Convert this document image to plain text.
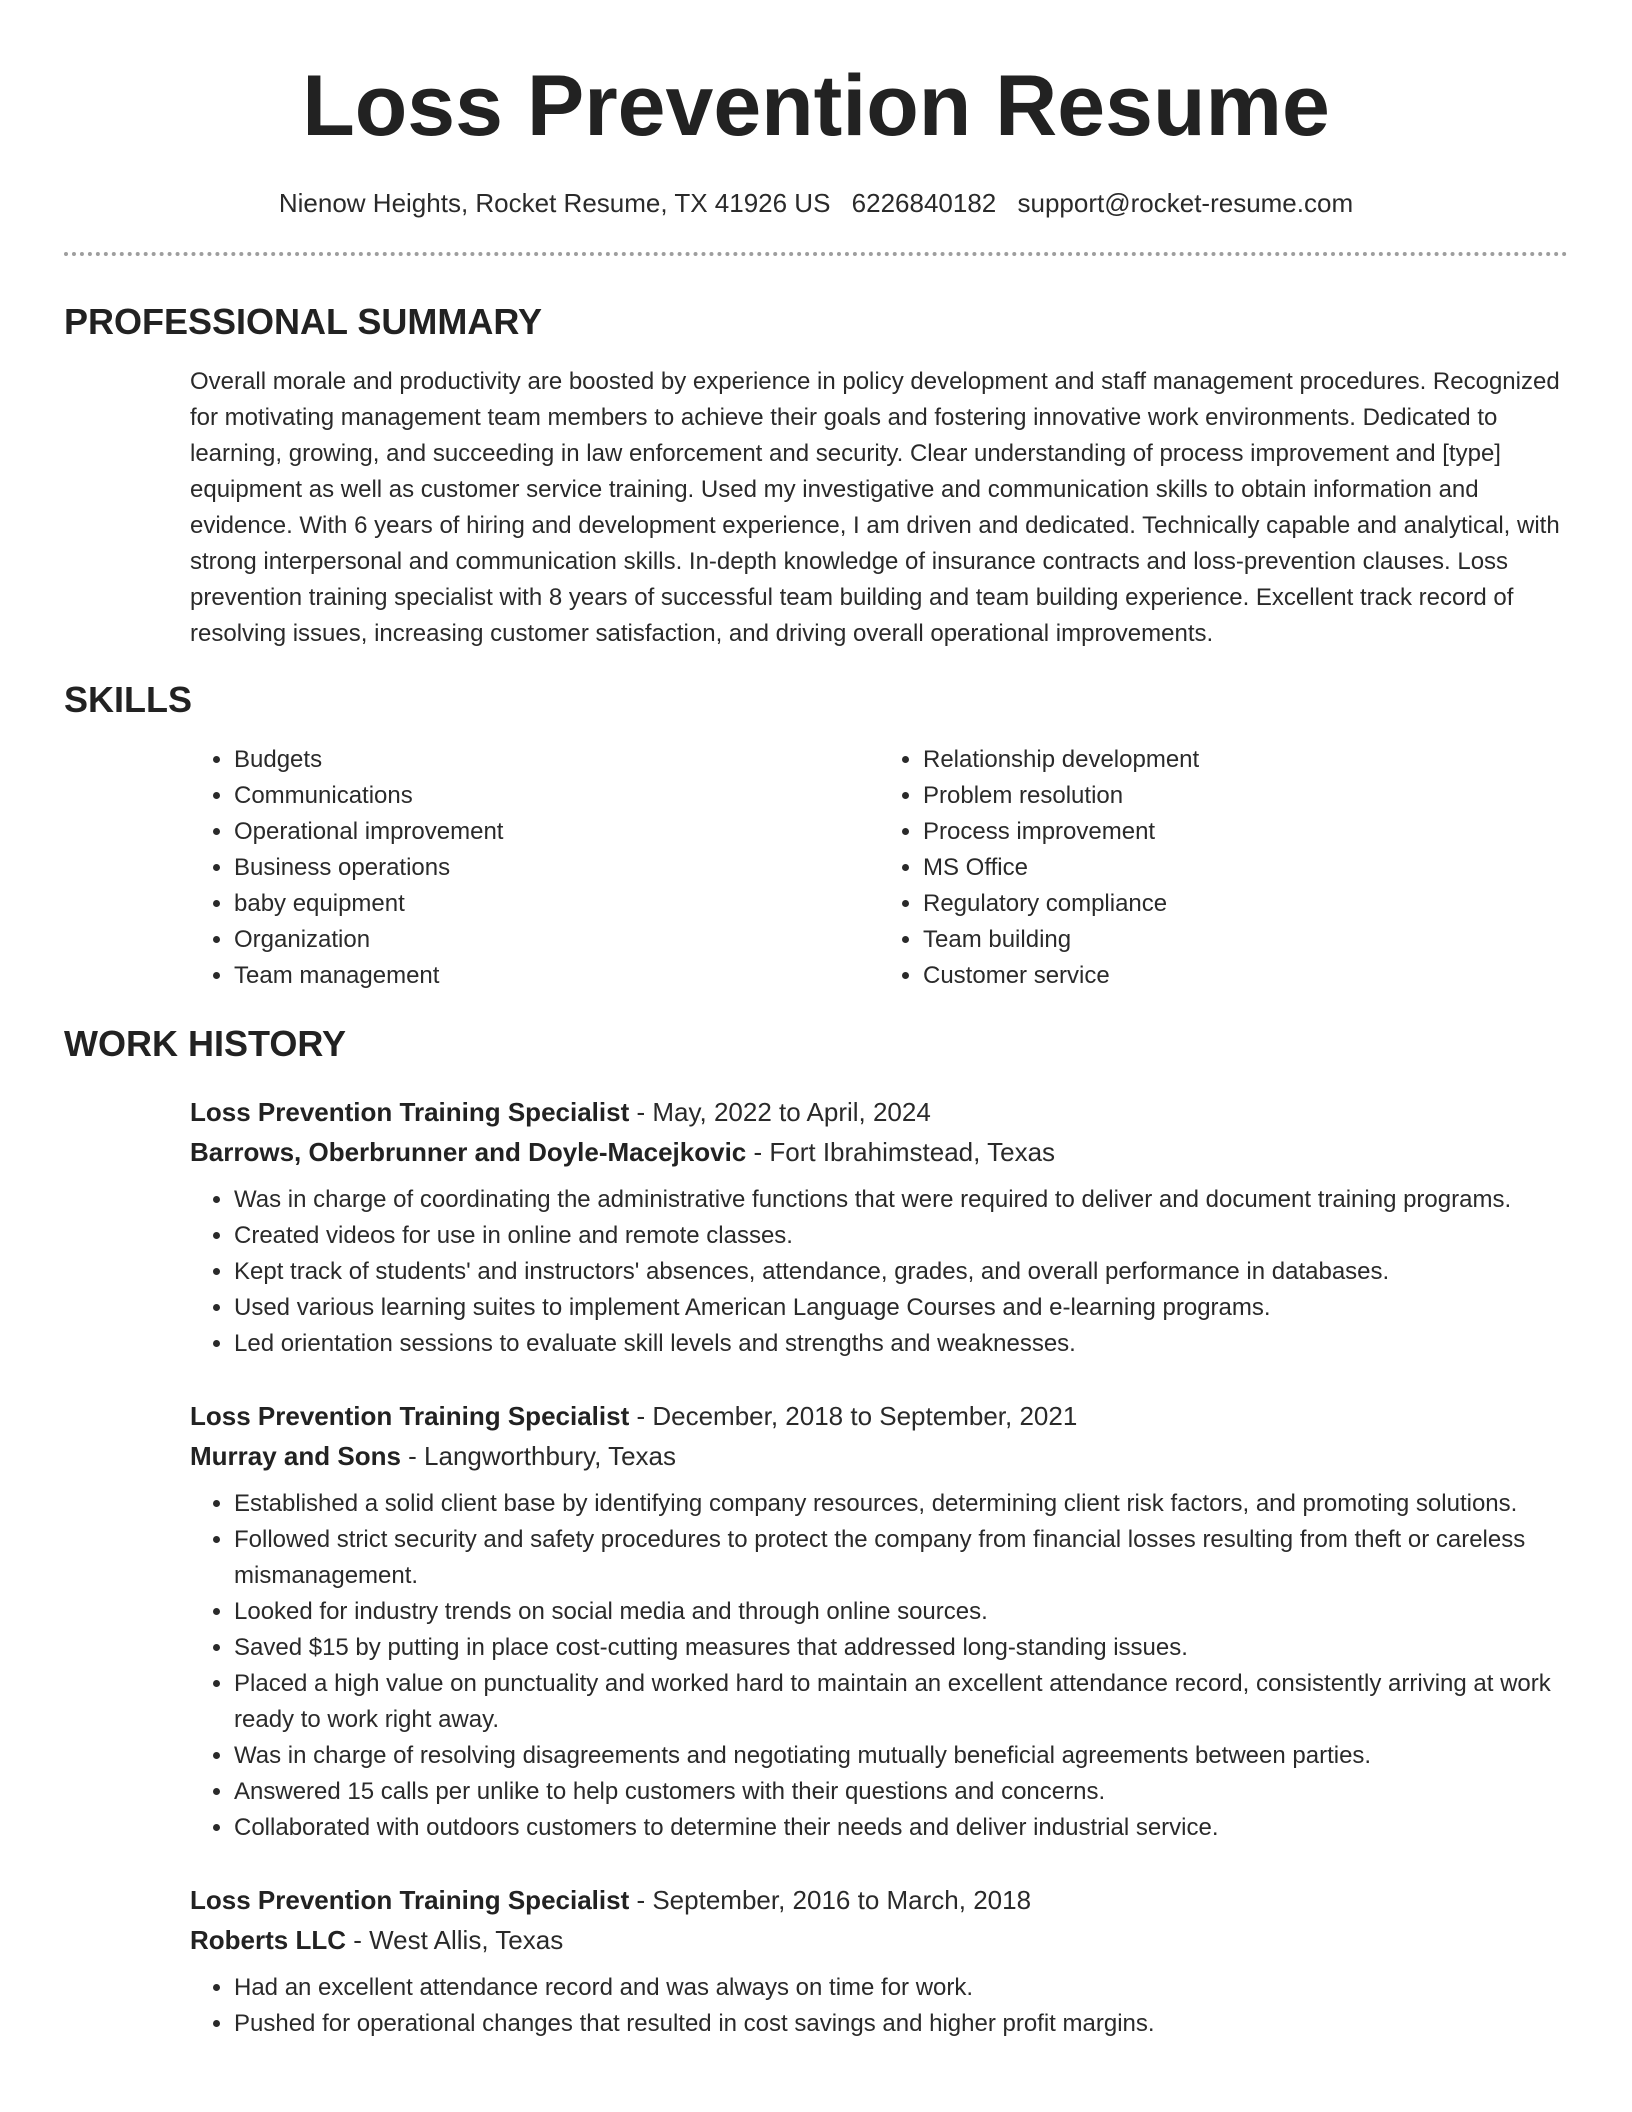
Loss Prevention Resume
Nienow Heights, Rocket Resume, TX 41926 US 6226840182 support@rocket-resume.com
PROFESSIONAL SUMMARY

Overall morale and productivity are boosted by experience in policy development and staff management procedures. Recognized for motivating management team members to achieve their goals and fostering innovative work environments. Dedicated to learning, growing, and succeeding in law enforcement and security. Clear understanding of process improvement and [type] equipment as well as customer service training. Used my investigative and communication skills to obtain information and evidence. With 6 years of hiring and development experience, I am driven and dedicated. Technically capable and analytical, with strong interpersonal and communication skills. In-depth knowledge of insurance contracts and loss-prevention clauses. Loss prevention training specialist with 8 years of successful team building and team building experience. Excellent track record of resolving issues, increasing customer satisfaction, and driving overall operational improvements.

SKILLS
• Budgets
• Communications
• Operational improvement
• Business operations
• baby equipment
• Organization
• Team management
• Relationship development
• Problem resolution
• Process improvement
• MS Office
• Regulatory compliance
• Team building
• Customer service
WORK HISTORY
Loss Prevention Training Specialist - May, 2022 to April, 2024
Barrows, Oberbrunner and Doyle-Macejkovic - Fort Ibrahimstead, Texas
• Was in charge of coordinating the administrative functions that were required to deliver and document training programs.
• Created videos for use in online and remote classes.
• Kept track of students' and instructors' absences, attendance, grades, and overall performance in databases.
• Used various learning suites to implement American Language Courses and e-learning programs.
• Led orientation sessions to evaluate skill levels and strengths and weaknesses.
Loss Prevention Training Specialist - December, 2018 to September, 2021
Murray and Sons - Langworthbury, Texas
• Established a solid client base by identifying company resources, determining client risk factors, and promoting solutions.
• Followed strict security and safety procedures to protect the company from financial losses resulting from theft or careless mismanagement.
• Looked for industry trends on social media and through online sources.
• Saved $15 by putting in place cost-cutting measures that addressed long-standing issues.
• Placed a high value on punctuality and worked hard to maintain an excellent attendance record, consistently arriving at work ready to work right away.
• Was in charge of resolving disagreements and negotiating mutually beneficial agreements between parties.
• Answered 15 calls per unlike to help customers with their questions and concerns.
• Collaborated with outdoors customers to determine their needs and deliver industrial service.
Loss Prevention Training Specialist - September, 2016 to March, 2018
Roberts LLC - West Allis, Texas
• Had an excellent attendance record and was always on time for work.
• Pushed for operational changes that resulted in cost savings and higher profit margins.
